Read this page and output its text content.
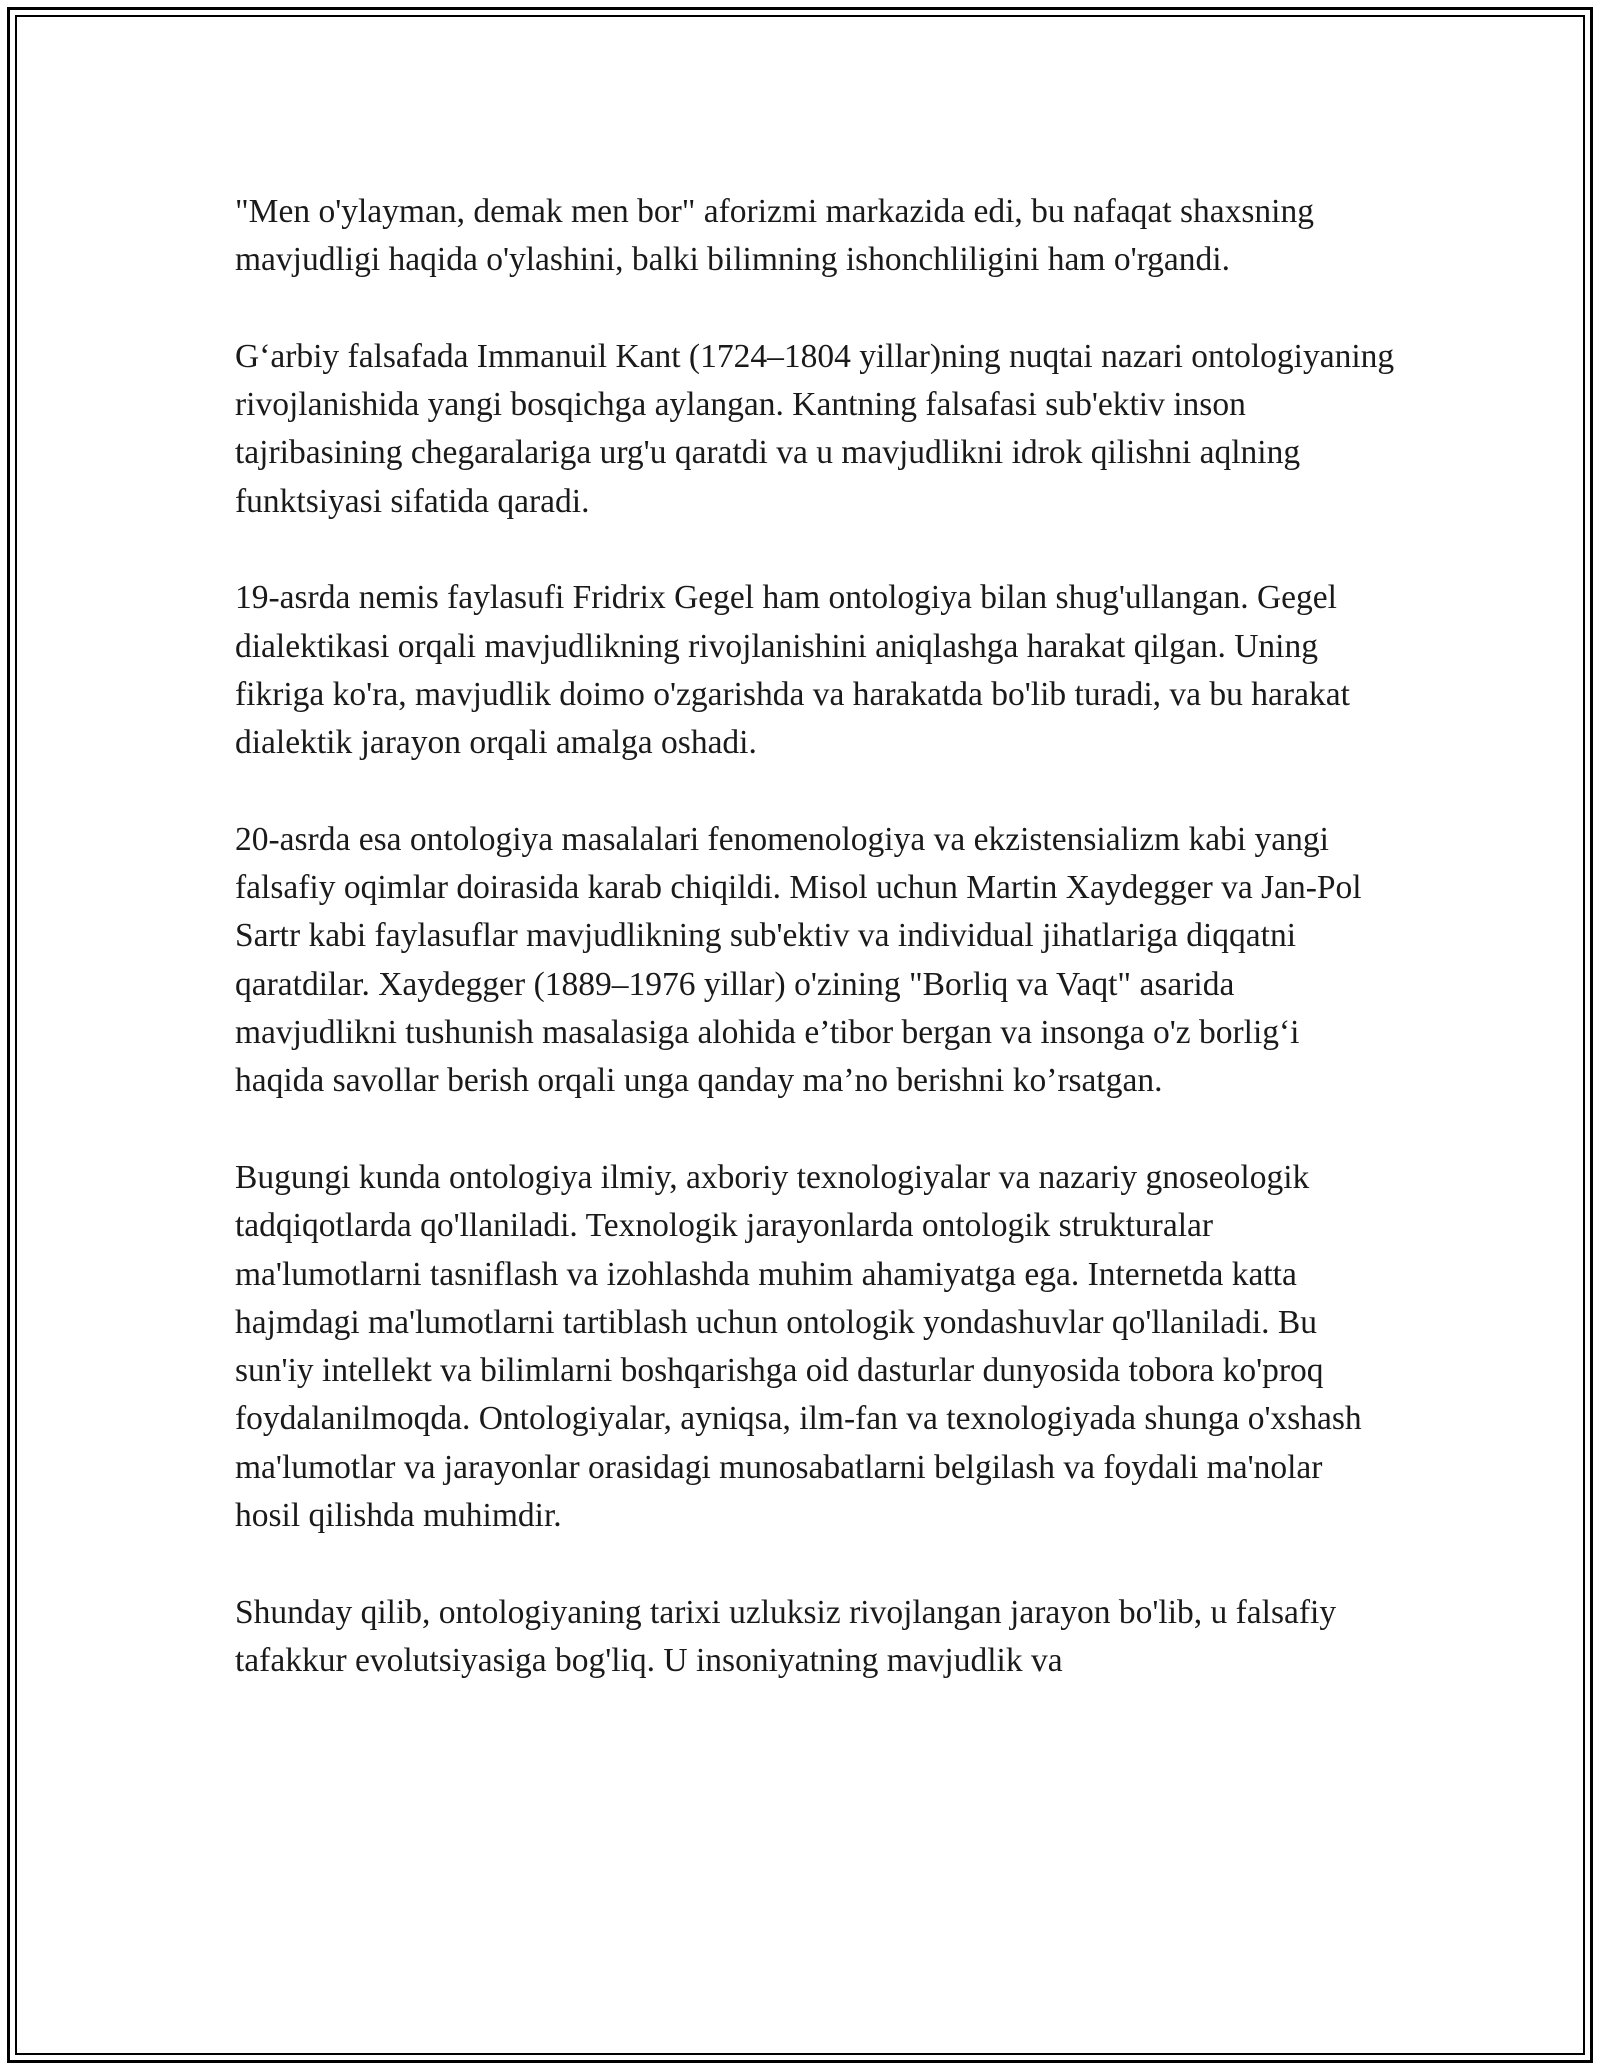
"Men o'ylayman, demak men bor" aforizmi markazida edi, bu nafaqat shaxsning mavjudligi haqida o'ylashini, balki bilimning ishonchliligini ham o'rgandi.

G‘arbiy falsafada Immanuil Kant (1724–1804 yillar)ning nuqtai nazari ontologiyaning rivojlanishida yangi bosqichga aylangan. Kantning falsafasi sub'ektiv inson tajribasining chegaralariga urg'u qaratdi va u mavjudlikni idrok qilishni aqlning funktsiyasi sifatida qaradi.

19-asrda nemis faylasufi Fridrix Gegel ham ontologiya bilan shug'ullangan. Gegel dialektikasi orqali mavjudlikning rivojlanishini aniqlashga harakat qilgan. Uning fikriga ko'ra, mavjudlik doimo o'zgarishda va harakatda bo'lib turadi, va bu harakat dialektik jarayon orqali amalga oshadi.

20-asrda esa ontologiya masalalari fenomenologiya va ekzistensializm kabi yangi falsafiy oqimlar doirasida karab chiqildi. Misol uchun Martin Xaydegger va Jan-Pol Sartr kabi faylasuflar mavjudlikning sub'ektiv va individual jihatlariga diqqatni qaratdilar. Xaydegger (1889–1976 yillar) o'zining "Borliq va Vaqt" asarida mavjudlikni tushunish masalasiga alohida e’tibor bergan va insonga o'z borlig‘i haqida savollar berish orqali unga qanday ma’no berishni ko’rsatgan.

Bugungi kunda ontologiya ilmiy, axboriy texnologiyalar va nazariy gnoseologik tadqiqotlarda qo'llaniladi. Texnologik jarayonlarda ontologik strukturalar ma'lumotlarni tasniflash va izohlashda muhim ahamiyatga ega. Internetda katta hajmdagi ma'lumotlarni tartiblash uchun ontologik yondashuvlar qo'llaniladi. Bu sun'iy intellekt va bilimlarni boshqarishga oid dasturlar dunyosida tobora ko'proq foydalanilmoqda. Ontologiyalar, ayniqsa, ilm-fan va texnologiyada shunga o'xshash ma'lumotlar va jarayonlar orasidagi munosabatlarni belgilash va foydali ma'nolar hosil qilishda muhimdir.

Shunday qilib, ontologiyaning tarixi uzluksiz rivojlangan jarayon bo'lib, u falsafiy tafakkur evolutsiyasiga bog'liq. U insoniyatning mavjudlik va
